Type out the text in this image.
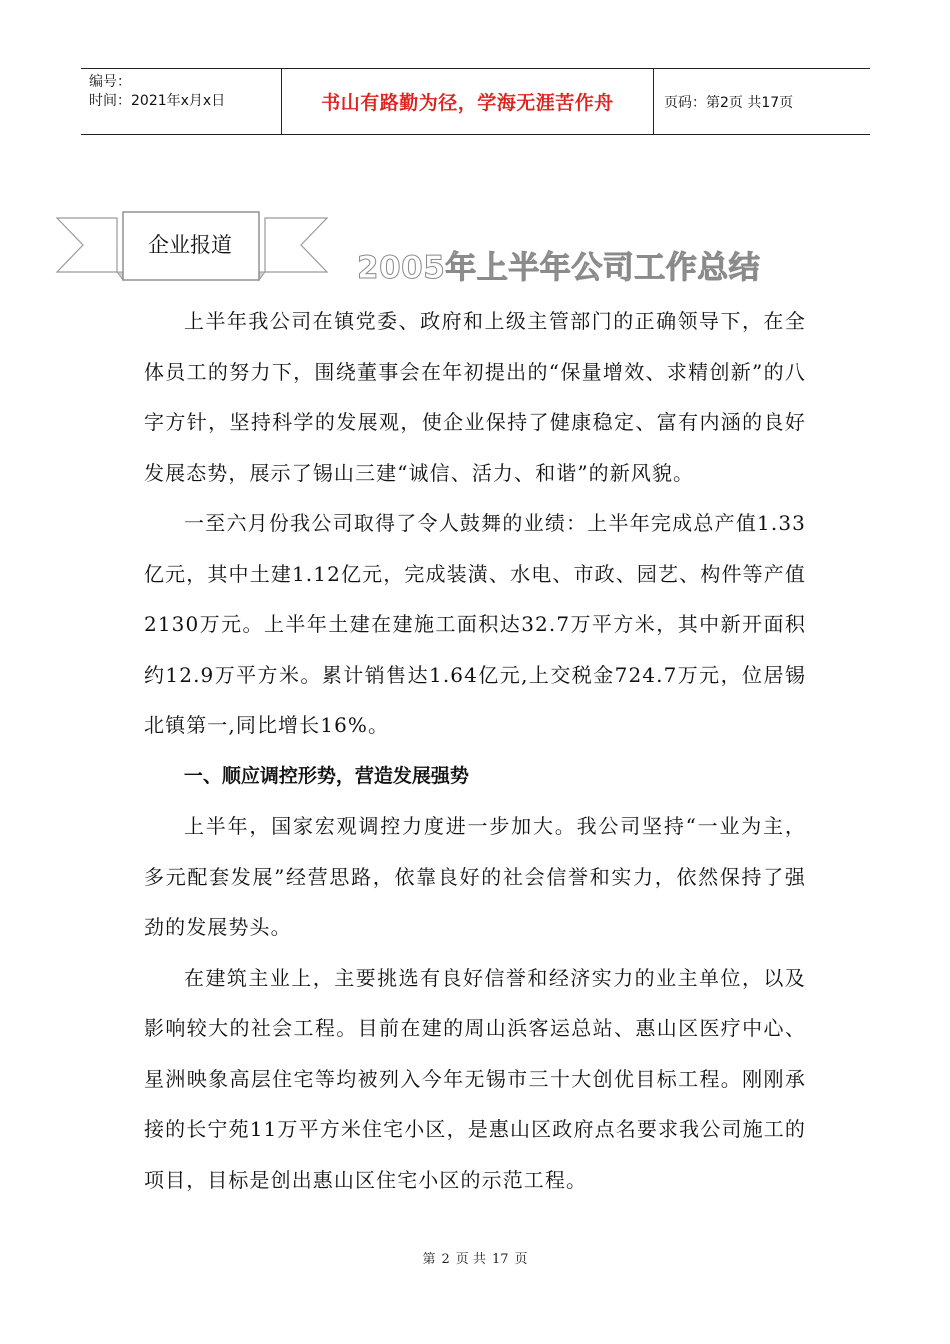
编号：
时间：2021年x月x日	书山有路勤为径，学海无涯苦作舟	页码：第2页 共17页
企业报道
2005年上半年公司工作总结

上半年我公司在镇党委、政府和上级主管部门的正确领导下，在全体员工的努力下，围绕董事会在年初提出的“保量增效、求精创新”的八字方针，坚持科学的发展观，使企业保持了健康稳定、富有内涵的良好发展态势，展示了锡山三建“诚信、活力、和谐”的新风貌。

一至六月份我公司取得了令人鼓舞的业绩：上半年完成总产值1.33亿元，其中土建1.12亿元，完成装潢、水电、市政、园艺、构件等产值2130万元。上半年土建在建施工面积达32.7万平方米，其中新开面积约12.9万平方米。累计销售达1.64亿元,上交税金724.7万元，位居锡北镇第一,同比增长16%。

一、顺应调控形势，营造发展强势

上半年，国家宏观调控力度进一步加大。我公司坚持“一业为主，多元配套发展”经营思路，依靠良好的社会信誉和实力，依然保持了强劲的发展势头。

在建筑主业上，主要挑选有良好信誉和经济实力的业主单位，以及影响较大的社会工程。目前在建的周山浜客运总站、惠山区医疗中心、星洲映象高层住宅等均被列入今年无锡市三十大创优目标工程。刚刚承接的长宁苑11万平方米住宅小区，是惠山区政府点名要求我公司施工的项目，目标是创出惠山区住宅小区的示范工程。

第 2 页 共 17 页
